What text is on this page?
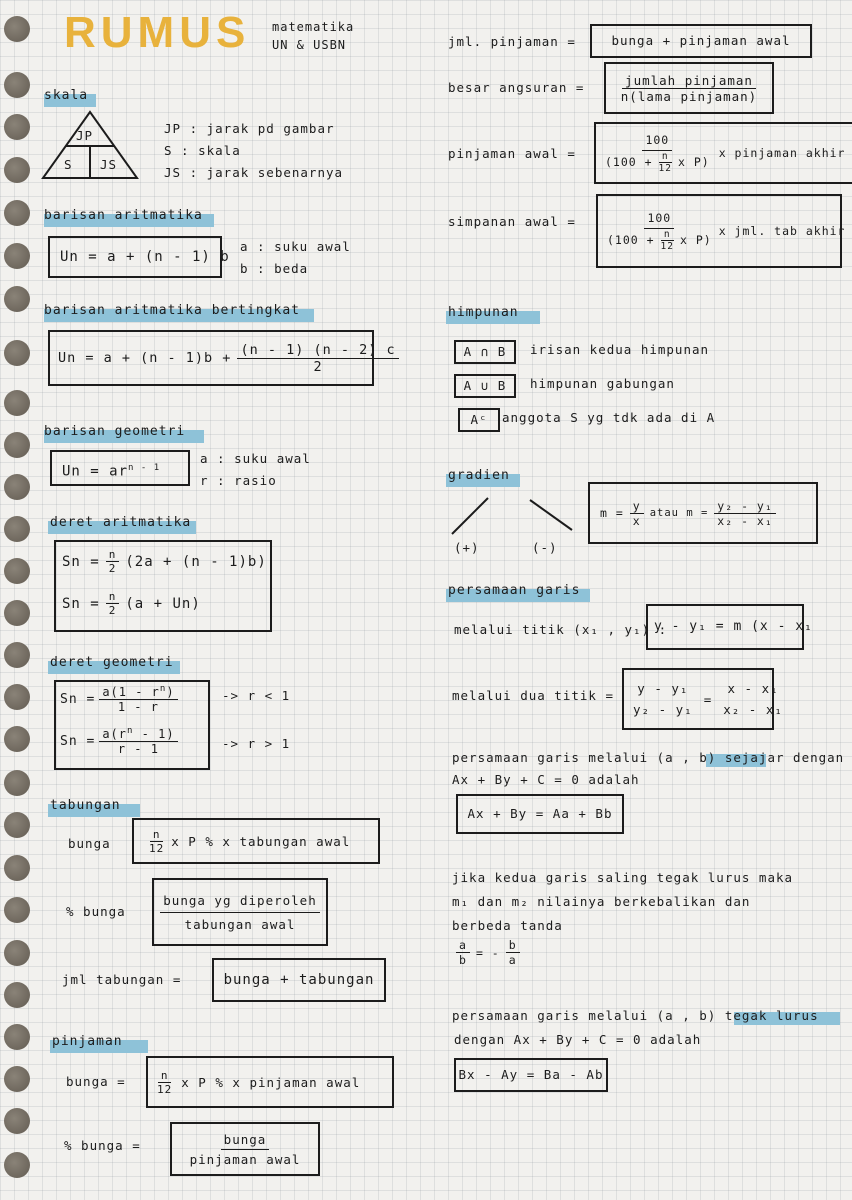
RUMUS matematika
UN & USBN
skala
JP
S JS
JP : jarak pd gambar
S : skala
JS : jarak sebenarnya
barisan aritmatika
Un = a + (n - 1) b
a : suku awal
b : beda
barisan aritmatika bertingkat
$Un = a + (n - 1)b + \frac{(n - 1) (n - 2) c}{2}$
barisan geometri
$Un = ar^{n - 1}$
a : suku awal
r : rasio
deret aritmatika
$Sn = \frac{n}{2} (2a + (n - 1)b)$
$Sn = \frac{n}{2} (a + Un)$
deret geometri
$Sn = \frac{a(1 - r^n)}{1 - r}$
$Sn = \frac{a(r^n - 1)}{r - 1}$
-> r < 1
-> r > 1
tabungan
bunga	$\frac{n}{12}$ x P % x tabungan awal
% bunga	$\frac{\text{bunga yg diperoleh}}{\text{tabungan awal}}$
jml tabungan =	bunga + tabungan
pinjaman
bunga =	$\frac{n}{12}$ x P % x pinjaman awal
% bunga =	$\frac{\text{bunga}}{\text{pinjaman awal}}$
jml. pinjaman =	bunga + pinjaman awal
besar angsuran =	$\frac{\text{jumlah pinjaman}}{\text{n(lama pinjaman)}}$
pinjaman awal = $\frac{100}{(100 + \frac{n}{12} x P)}$ x pinjaman akhir
simpanan awal = $\frac{100}{(100 + \frac{n}{12} x P)}$ x jml. tab akhir
himpunan
A ∩ B	irisan kedua himpunan
A ∪ B	himpunan gabungan
Aᶜ	anggota S yg tdk ada di A
gradien
(+)	(-)
$m = \frac{y}{x}$ atau $m = \frac{\text{y₂ - y₁}}{\text{x₂ - x₁}}$
persamaan garis
melalui titik (x₁ , y₁) :
y - y₁ = m (x - x₁
melalui dua titik = y - y₁
y₂ - y₁
=
x - x₁
x₂ - x₁
persamaan garis melalui (a , b) sejajar dengan
Ax + By + C = 0 adalah
Ax + By = Aa + Bb
jika kedua garis saling tegak lurus maka
m₁ dan m₂ nilainya berkebalikan dan
berbeda tanda
$\frac{a}{b}$ = - $\frac{b}{a}$
persamaan garis melalui (a , b) tegak lurus
dengan Ax + By + C = 0 adalah
Bx - Ay = Ba - Ab
